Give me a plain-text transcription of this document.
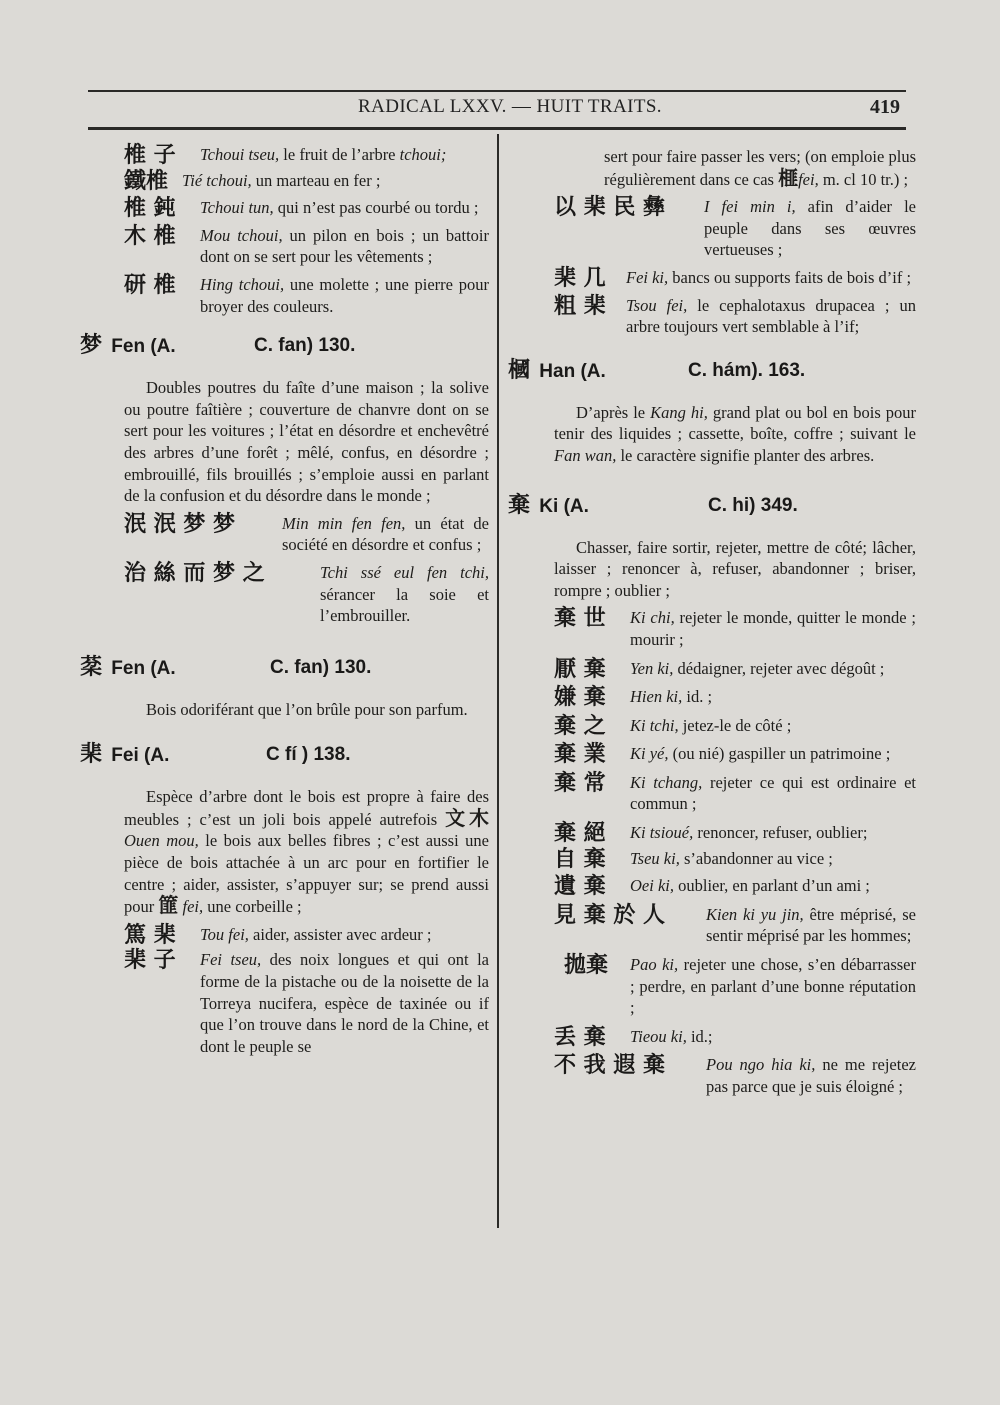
RADICAL LXXV. — HUIT TRAITS.	419
椎 子 Tchoui tseu, le fruit de l’arbre tchoui;
鐵椎 Tié tchoui, un marteau en fer ;
椎 鈍 Tchoui tun, qui n’est pas courbé ou tordu ;
木 椎 Mou tchoui, un pilon en bois ; un battoir dont on se sert pour les vêtements ;
研 椎 Hing tchoui, une molette ; une pierre pour broyer des couleurs.
梦 Fen (A.	C. fan) 130.

Doubles poutres du faîte d’une maison ; la solive ou poutre faîtière ; couverture de chanvre dont on se sert pour les voitures ; l’état en désordre et enchevêtré des arbres d’une forêt ; mêlé, confus, en désordre ; embrouillé, fils brouillés ; s’emploie aussi en parlant de la confusion et du désordre dans le monde ;

泯 泯 梦 梦	Min min fen fen, un état de société en désordre et confus ;
治 絲 而 梦 之	Tchi ssé eul fen tchi, sérancer la soie et l’embrouiller.
棻 Fen (A.	C. fan) 130.

Bois odoriférant que l’on brûle pour son parfum.

棐 Fei (A.	C fí ) 138.

Espèce d’arbre dont le bois est propre à faire des meubles ; c’est un joli bois appelé autrefois 文木 Ouen mou, le bois aux belles fibres ; c’est aussi une pièce de bois attachée à un arc pour en fortifier le centre ; aider, assister, s’appuyer sur; se prend aussi pour 篚 fei, une corbeille ;

篤 棐 Tou fei, aider, assister avec ardeur ;
棐 子 Fei tseu, des noix longues et qui ont la forme de la pistache ou de la noisette de la Torreya nucifera, espèce de taxinée ou if que l’on trouve dans le nord de la Chine, et dont le peuple se

sert pour faire passer les vers; (on emploie plus régulièrement dans ce cas 榧fei, m. cl 10 tr.) ;

以 棐 民 彝 I fei min i, afin d’aider le peuple dans ses œuvres vertueuses ;
棐 几 Fei ki, bancs ou supports faits de bois d’if ;
粗 棐 Tsou fei, le cephalotaxus drupacea ; un arbre toujours vert semblable à l’if;
槶 Han (A.	C. hám). 163.

D’après le Kang hi, grand plat ou bol en bois pour tenir des liquides ; cassette, boîte, coffre ; suivant le Fan wan, le caractère signifie planter des arbres.

棄 Ki (A.	C. hi) 349.

Chasser, faire sortir, rejeter, mettre de côté; lâcher, laisser ; renoncer à, refuser, abandonner ; briser, rompre ; oublier ;

棄 世 Ki chi, rejeter le monde, quitter le monde ; mourir ;
厭 棄 Yen ki, dédaigner, rejeter avec dégoût ;
嫌 棄 Hien ki, id. ;
棄 之 Ki tchi, jetez-le de côté ;
棄 業 Ki yé, (ou nié) gaspiller un patrimoine ;
棄 常 Ki tchang, rejeter ce qui est ordinaire et commun ;
棄 絕 Ki tsioué, renoncer, refuser, oublier;
自 棄 Tseu ki, s’abandonner au vice ;
遺 棄 Oei ki, oublier, en parlant d’un ami ;
見 棄 於 人 Kien ki yu jin, être méprisé, se sentir méprisé par les hommes;
拋棄 Pao ki, rejeter une chose, s’en débarrasser ; perdre, en parlant d’une bonne réputation ;
丢 棄 Tieou ki, id.;
不 我 遐 棄 Pou ngo hia ki, ne me rejetez pas parce que je suis éloigné ;
